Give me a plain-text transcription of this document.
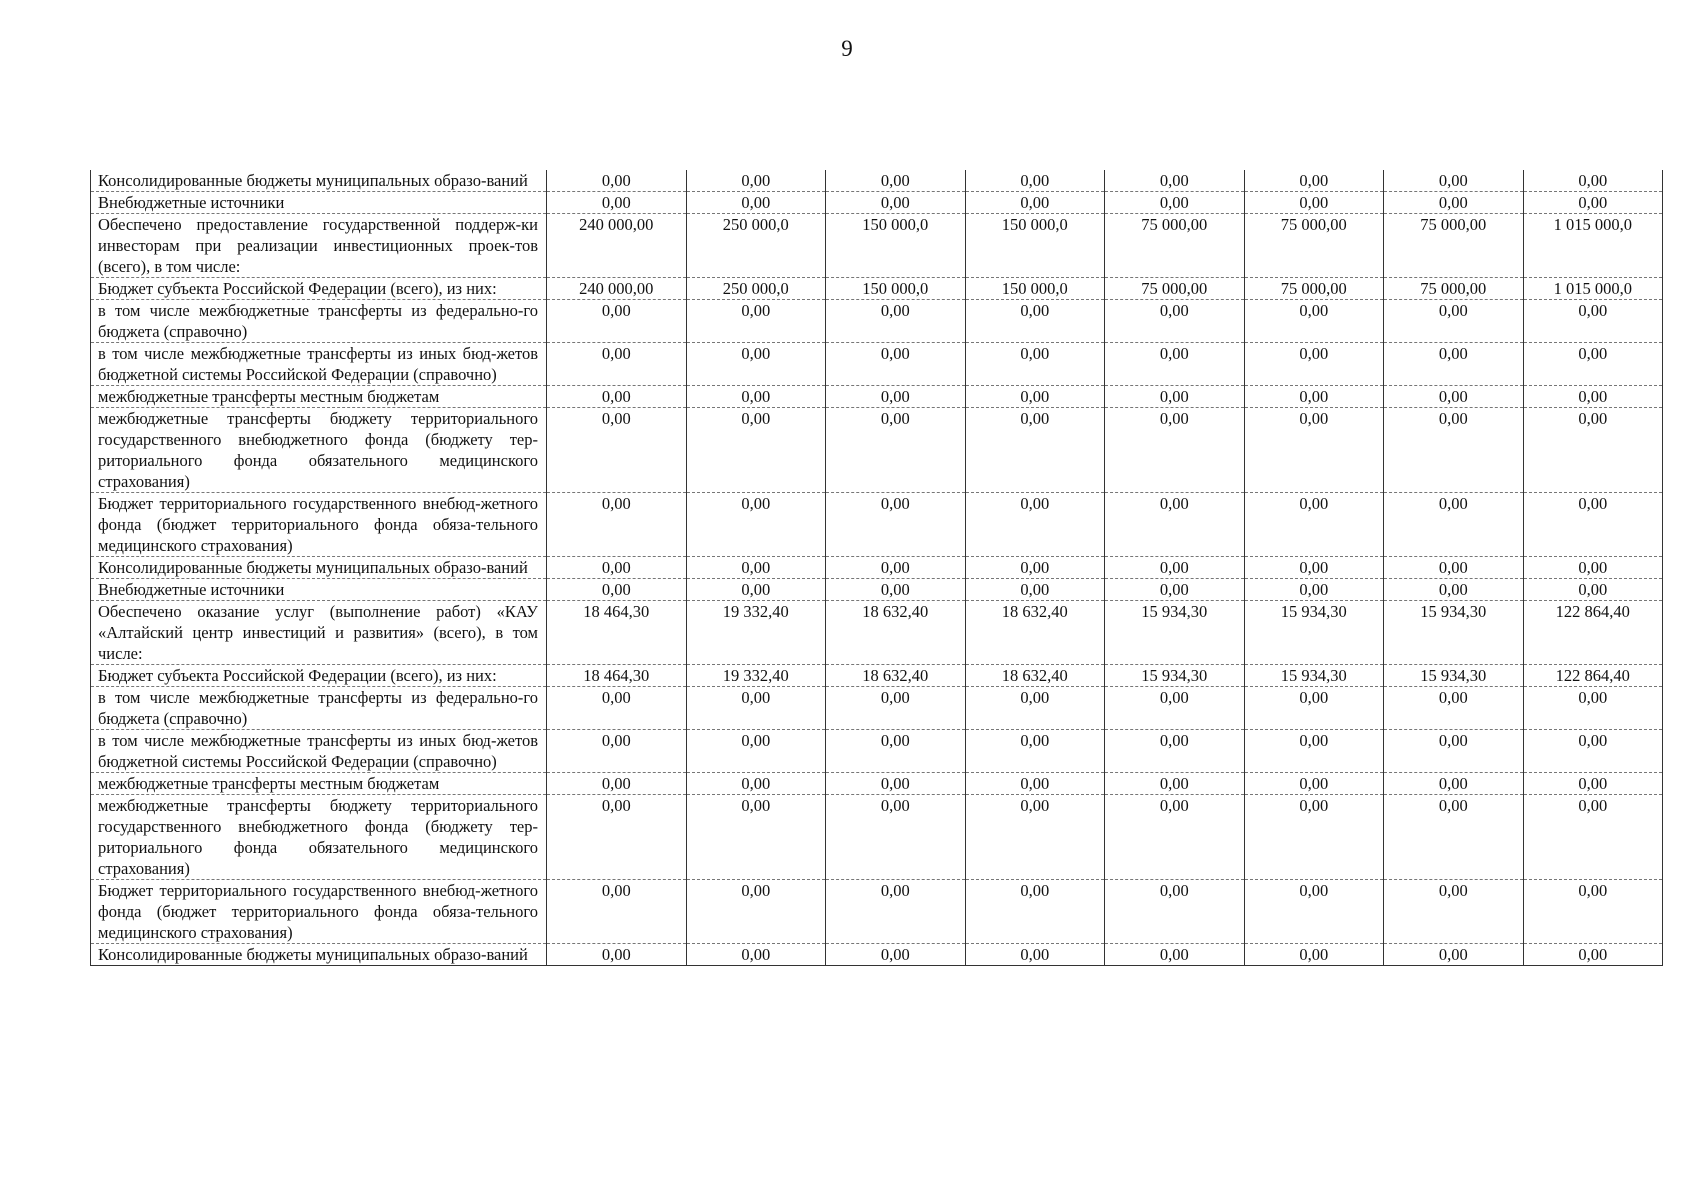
9
Консолидированные бюджеты муниципальных образо-ваний	0,00	0,00	0,00	0,00	0,00	0,00	0,00	0,00
Внебюджетные источники	0,00	0,00	0,00	0,00	0,00	0,00	0,00	0,00
Обеспечено предоставление государственной поддерж-ки инвесторам при реализации инвестиционных проек-тов (всего), в том числе:	240 000,00	250 000,0	150 000,0	150 000,0	75 000,00	75 000,00	75 000,00	1 015 000,0
Бюджет субъекта Российской Федерации (всего), из них:	240 000,00	250 000,0	150 000,0	150 000,0	75 000,00	75 000,00	75 000,00	1 015 000,0
в том числе межбюджетные трансферты из федерально-го бюджета (справочно)	0,00	0,00	0,00	0,00	0,00	0,00	0,00	0,00
в том числе межбюджетные трансферты из иных бюд-жетов бюджетной системы Российской Федерации (справочно)	0,00	0,00	0,00	0,00	0,00	0,00	0,00	0,00
межбюджетные трансферты местным бюджетам	0,00	0,00	0,00	0,00	0,00	0,00	0,00	0,00
межбюджетные трансферты бюджету территориального государственного внебюджетного фонда (бюджету тер-риториального фонда обязательного медицинского страхования)	0,00	0,00	0,00	0,00	0,00	0,00	0,00	0,00
Бюджет территориального государственного внебюд-жетного фонда (бюджет территориального фонда обяза-тельного медицинского страхования)	0,00	0,00	0,00	0,00	0,00	0,00	0,00	0,00
Консолидированные бюджеты муниципальных образо-ваний	0,00	0,00	0,00	0,00	0,00	0,00	0,00	0,00
Внебюджетные источники	0,00	0,00	0,00	0,00	0,00	0,00	0,00	0,00
Обеспечено оказание услуг (выполнение работ) «КАУ «Алтайский центр инвестиций и развития» (всего), в том числе:	18 464,30	19 332,40	18 632,40	18 632,40	15 934,30	15 934,30	15 934,30	122 864,40
Бюджет субъекта Российской Федерации (всего), из них:	18 464,30	19 332,40	18 632,40	18 632,40	15 934,30	15 934,30	15 934,30	122 864,40
в том числе межбюджетные трансферты из федерально-го бюджета (справочно)	0,00	0,00	0,00	0,00	0,00	0,00	0,00	0,00
в том числе межбюджетные трансферты из иных бюд-жетов бюджетной системы Российской Федерации (справочно)	0,00	0,00	0,00	0,00	0,00	0,00	0,00	0,00
межбюджетные трансферты местным бюджетам	0,00	0,00	0,00	0,00	0,00	0,00	0,00	0,00
межбюджетные трансферты бюджету территориального государственного внебюджетного фонда (бюджету тер-риториального фонда обязательного медицинского страхования)	0,00	0,00	0,00	0,00	0,00	0,00	0,00	0,00
Бюджет территориального государственного внебюд-жетного фонда (бюджет территориального фонда обяза-тельного медицинского страхования)	0,00	0,00	0,00	0,00	0,00	0,00	0,00	0,00
Консолидированные бюджеты муниципальных образо-ваний	0,00	0,00	0,00	0,00	0,00	0,00	0,00	0,00
